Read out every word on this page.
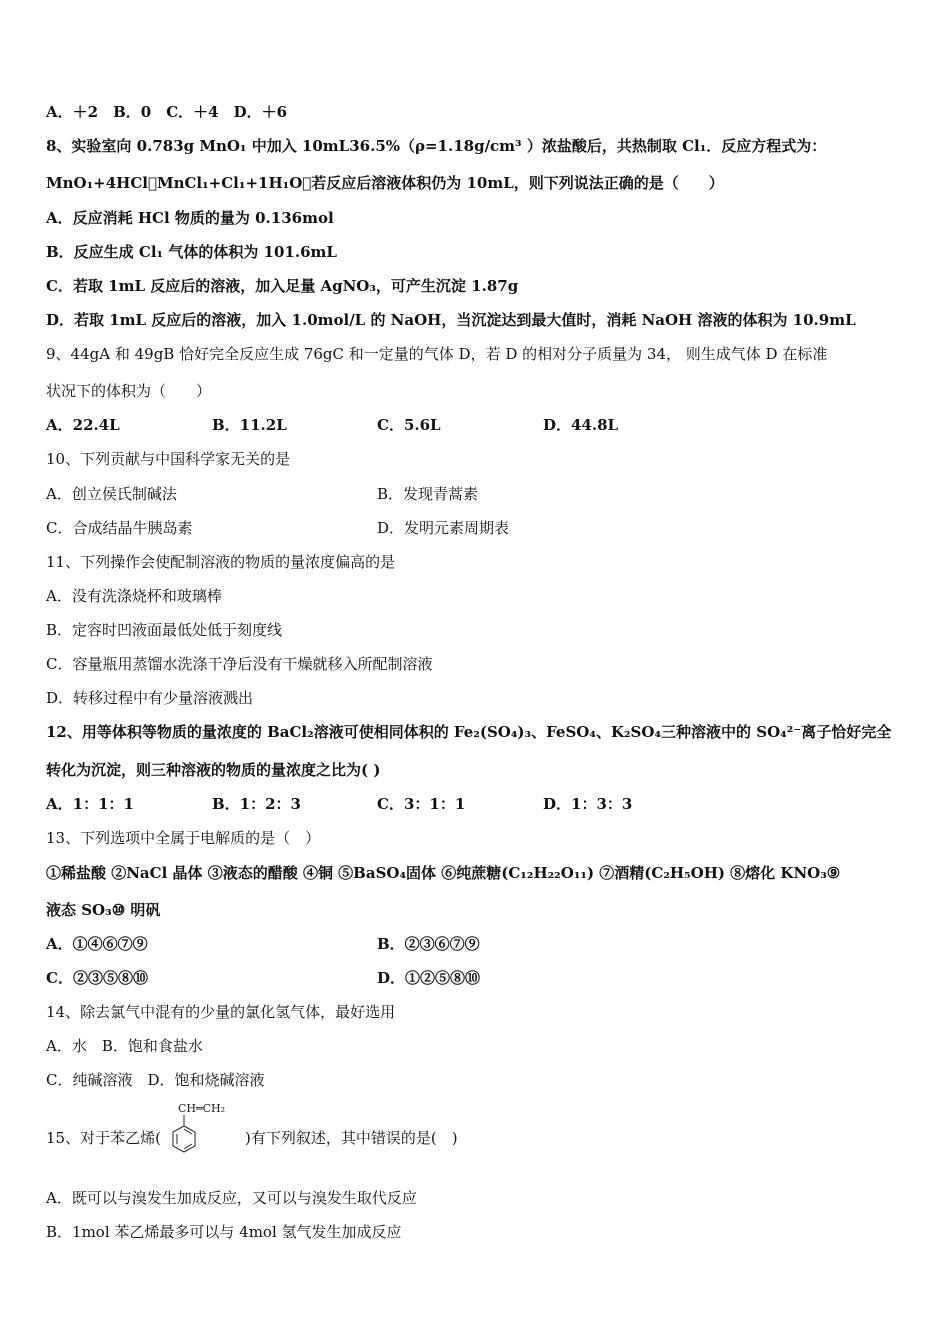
A．＋2　B．0　C．＋4　D．＋6
8、实验室向 0.783g MnO₁ 中加入 10mL36.5%（ρ=1.18g/cm³ ）浓盐酸后，共热制取 Cl₁．反应方程式为：
MnO₁+4HCl⃞MnCl₁+Cl₁+1H₁O，若反应后溶液体积仍为 10mL，则下列说法正确的是（　　）
A．反应消耗 HCl 物质的量为 0.136mol
B．反应生成 Cl₁ 气体的体积为 101.6mL
C．若取 1mL 反应后的溶液，加入足量 AgNO₃，可产生沉淀 1.87g
D．若取 1mL 反应后的溶液，加入 1.0mol/L 的 NaOH，当沉淀达到最大值时，消耗 NaOH 溶液的体积为 10.9mL
9、44gA 和 49gB 恰好完全反应生成 76gC 和一定量的气体 D，若 D 的相对分子质量为 34， 则生成气体 D 在标准
状况下的体积为（　　）
A．22.4L	B．11.2L	C．5.6L	D．44.8L
10、下列贡献与中国科学家无关的是
A．创立侯氏制碱法	B．发现青蒿素
C．合成结晶牛胰岛素	D．发明元素周期表
11、下列操作会使配制溶液的物质的量浓度偏高的是
A．没有洗涤烧杯和玻璃棒
B．定容时凹液面最低处低于刻度线
C．容量瓶用蒸馏水洗涤干净后没有干燥就移入所配制溶液
D．转移过程中有少量溶液溅出
12、用等体积等物质的量浓度的 BaCl₂溶液可使相同体积的 Fe₂(SO₄)₃、FeSO₄、K₂SO₄三种溶液中的 SO₄²⁻离子恰好完全
转化为沉淀，则三种溶液的物质的量浓度之比为( )
A．1：1：1	B．1：2：3	C．3：1：1	D．1：3：3
13、下列选项中全属于电解质的是（　）
①稀盐酸 ②NaCl 晶体 ③液态的醋酸 ④铜 ⑤BaSO₄固体 ⑥纯蔗糖(C₁₂H₂₂O₁₁) ⑦酒精(C₂H₅OH) ⑧熔化 KNO₃⑨
液态 SO₃⑩ 明矾
A．①④⑥⑦⑨	B．②③⑥⑦⑨
C．②③⑤⑧⑩	D．①②⑤⑧⑩
14、除去氯气中混有的少量的氯化氢气体，最好选用
A．水　B．饱和食盐水
C．纯碱溶液　D．饱和烧碱溶液
15、对于苯乙烯(	)有下列叙述，其中错误的是(　)
CH═CH₂
A．既可以与溴发生加成反应，又可以与溴发生取代反应
B．1mol 苯乙烯最多可以与 4mol 氢气发生加成反应
